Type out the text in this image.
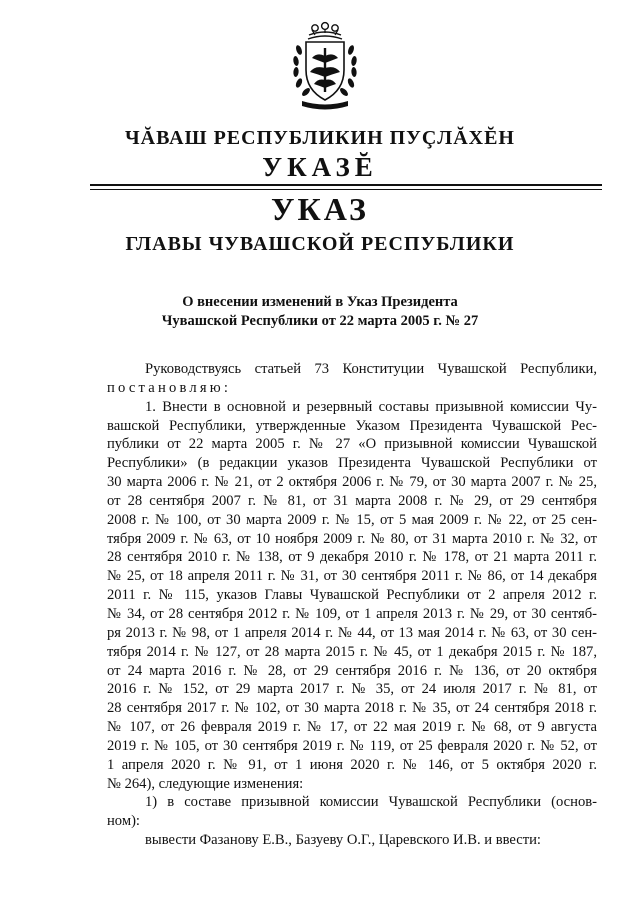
ЧĂВАШ РЕСПУБЛИКИН ПУÇЛĂХĔН
УКАЗĔ
УКАЗ
ГЛАВЫ ЧУВАШСКОЙ РЕСПУБЛИКИ
О внесении изменений в Указ Президента
Чувашской Республики от 22 марта 2005 г. № 27
Руководствуясь статьей 73 Конституции Чувашской Республики,
постановляю:
1. Внести в основной и резервный составы призывной комиссии Чу-
вашской Республики, утвержденные Указом Президента Чувашской Рес-
публики от 22 марта 2005 г. № 27 «О призывной комиссии Чувашской
Республики» (в редакции указов Президента Чувашской Республики от
30 марта 2006 г. № 21, от 2 октября 2006 г. № 79, от 30 марта 2007 г. № 25,
от 28 сентября 2007 г. № 81, от 31 марта 2008 г. № 29, от 29 сентября
2008 г. № 100, от 30 марта 2009 г. № 15, от 5 мая 2009 г. № 22, от 25 сен-
тября 2009 г. № 63, от 10 ноября 2009 г. № 80, от 31 марта 2010 г. № 32, от
28 сентября 2010 г. № 138, от 9 декабря 2010 г. № 178, от 21 марта 2011 г.
№ 25, от 18 апреля 2011 г. № 31, от 30 сентября 2011 г. № 86, от 14 декабря
2011 г. № 115, указов Главы Чувашской Республики от 2 апреля 2012 г.
№ 34, от 28 сентября 2012 г. № 109, от 1 апреля 2013 г. № 29, от 30 сентяб-
ря 2013 г. № 98, от 1 апреля 2014 г. № 44, от 13 мая 2014 г. № 63, от 30 сен-
тября 2014 г. № 127, от 28 марта 2015 г. № 45, от 1 декабря 2015 г. № 187,
от 24 марта 2016 г. № 28, от 29 сентября 2016 г. № 136, от 20 октября
2016 г. № 152, от 29 марта 2017 г. № 35, от 24 июля 2017 г. № 81, от
28 сентября 2017 г. № 102, от 30 марта 2018 г. № 35, от 24 сентября 2018 г.
№ 107, от 26 февраля 2019 г. № 17, от 22 мая 2019 г. № 68, от 9 августа
2019 г. № 105, от 30 сентября 2019 г. № 119, от 25 февраля 2020 г. № 52, от
1 апреля 2020 г. № 91, от 1 июня 2020 г. № 146, от 5 октября 2020 г.
№ 264), следующие изменения:
1) в составе призывной комиссии Чувашской Республики (основ-
ном):
вывести Фазанову Е.В., Базуеву О.Г., Царевского И.В. и ввести:
